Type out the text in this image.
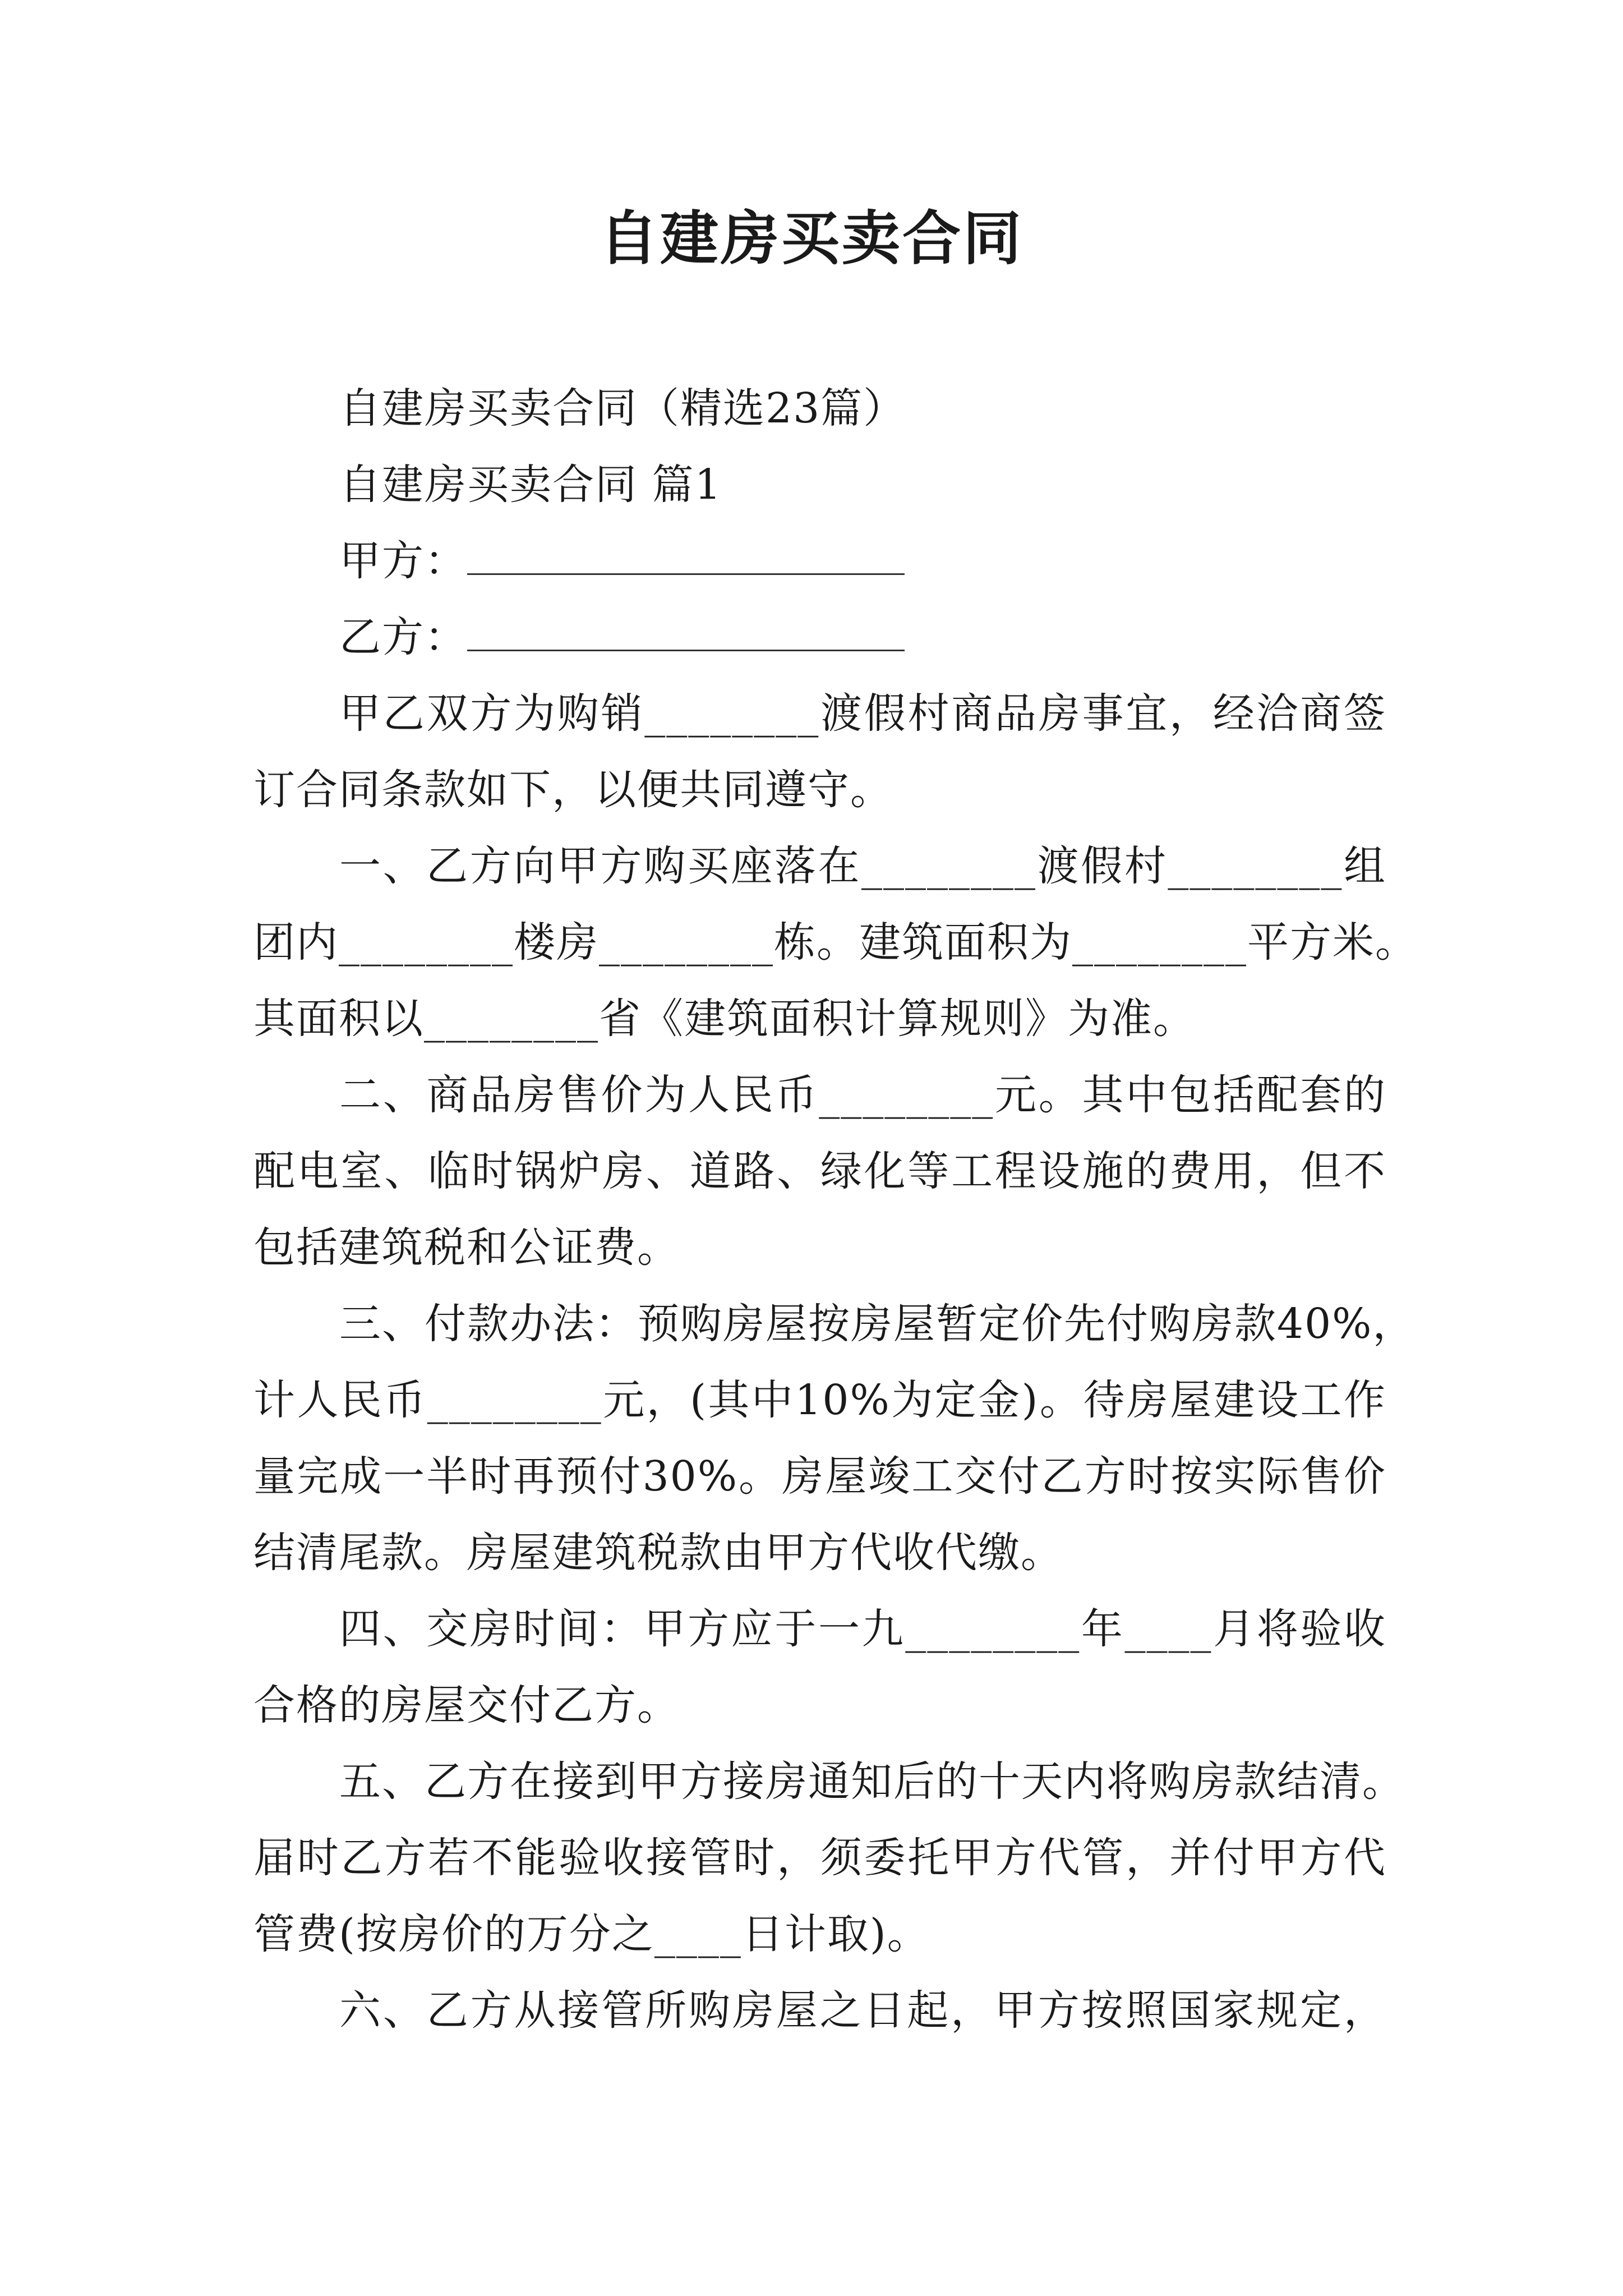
自建房买卖合同
自建房买卖合同（精选23篇）
自建房买卖合同 篇1
甲方：
乙方：
甲乙双方为购销________渡假村商品房事宜，经洽商签
订合同条款如下，以便共同遵守。
一、乙方向甲方购买座落在________渡假村________组
团内________楼房________栋。建筑面积为________平方米。
其面积以________省《建筑面积计算规则》为准。
二、商品房售价为人民币________元。其中包括配套的
配电室、临时锅炉房、道路、绿化等工程设施的费用，但不
包括建筑税和公证费。
三、付款办法：预购房屋按房屋暂定价先付购房款40%，
计人民币________元，(其中10%为定金)。待房屋建设工作
量完成一半时再预付30%。房屋竣工交付乙方时按实际售价
结清尾款。房屋建筑税款由甲方代收代缴。
四、交房时间：甲方应于一九________年____月将验收
合格的房屋交付乙方。
五、乙方在接到甲方接房通知后的十天内将购房款结清。
届时乙方若不能验收接管时，须委托甲方代管，并付甲方代
管费(按房价的万分之____日计取)。
六、乙方从接管所购房屋之日起，甲方按照国家规定，
